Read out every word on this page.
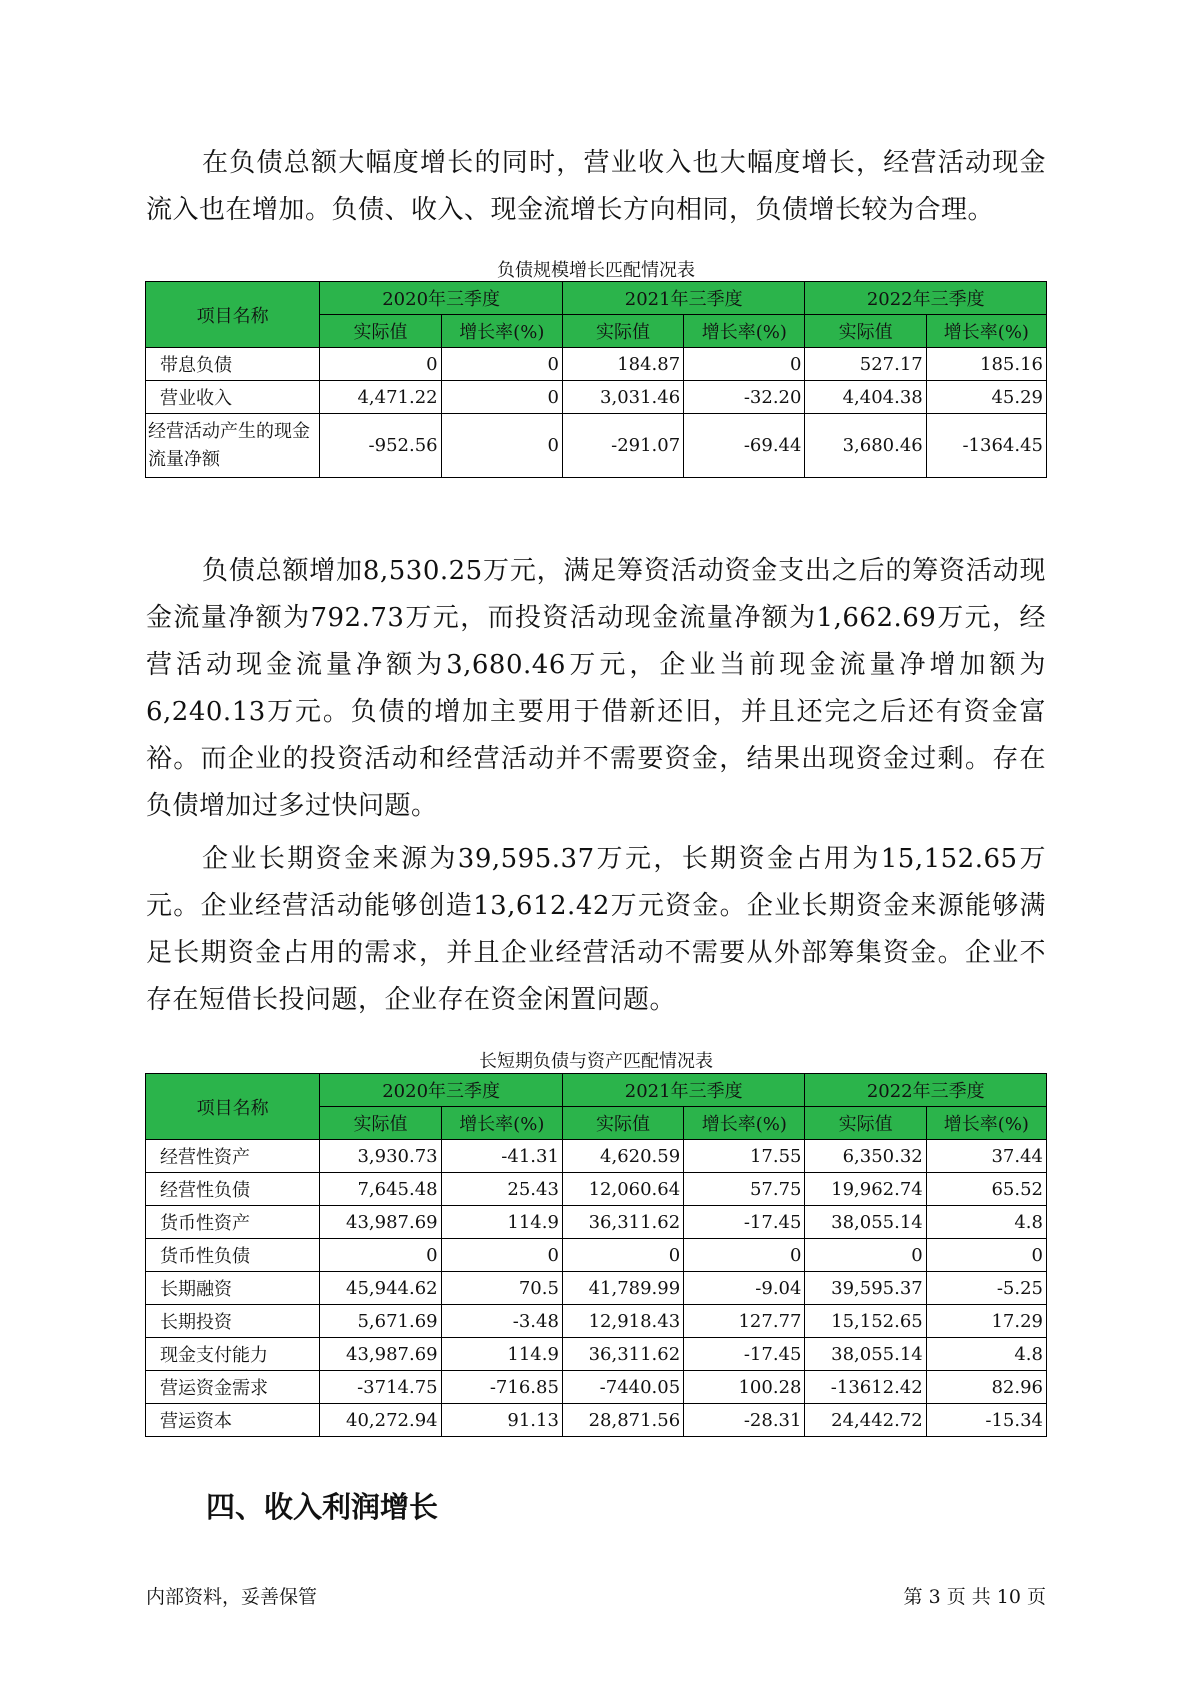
在负债总额大幅度增长的同时，营业收入也大幅度增长，经营活动现金流入也在增加。负债、收入、现金流增长方向相同，负债增长较为合理。

负债规模增长匹配情况表

项目名称	2020年三季度		2021年三季度		2022年三季度	
	实际值	增长率(%)	实际值	增长率(%)	实际值	增长率(%)
带息负债	0	0	184.87	0	527.17	185.16
营业收入	4,471.22	0	3,031.46	-32.20	4,404.38	45.29
经营活动产生的现金流量净额	-952.56	0	-291.07	-69.44	3,680.46	-1364.45

负债总额增加8,530.25万元，满足筹资活动资金支出之后的筹资活动现金流量净额为792.73万元，而投资活动现金流量净额为1,662.69万元，经营活动现金流量净额为3,680.46万元，企业当前现金流量净增加额为6,240.13万元。负债的增加主要用于借新还旧，并且还完之后还有资金富裕。而企业的投资活动和经营活动并不需要资金，结果出现资金过剩。存在负债增加过多过快问题。

企业长期资金来源为39,595.37万元，长期资金占用为15,152.65万元。企业经营活动能够创造13,612.42万元资金。企业长期资金来源能够满足长期资金占用的需求，并且企业经营活动不需要从外部筹集资金。企业不存在短借长投问题，企业存在资金闲置问题。

长短期负债与资产匹配情况表

项目名称	2020年三季度		2021年三季度		2022年三季度	
	实际值	增长率(%)	实际值	增长率(%)	实际值	增长率(%)
经营性资产	3,930.73	-41.31	4,620.59	17.55	6,350.32	37.44
经营性负债	7,645.48	25.43	12,060.64	57.75	19,962.74	65.52
货币性资产	43,987.69	114.9	36,311.62	-17.45	38,055.14	4.8
货币性负债	0	0	0	0	0	0
长期融资	45,944.62	70.5	41,789.99	-9.04	39,595.37	-5.25
长期投资	5,671.69	-3.48	12,918.43	127.77	15,152.65	17.29
现金支付能力	43,987.69	114.9	36,311.62	-17.45	38,055.14	4.8
营运资金需求	-3714.75	-716.85	-7440.05	100.28	-13612.42	82.96
营运资本	40,272.94	91.13	28,871.56	-28.31	24,442.72	-15.34
四、收入利润增长

内部资料，妥善保管	第 3 页 共 10 页
